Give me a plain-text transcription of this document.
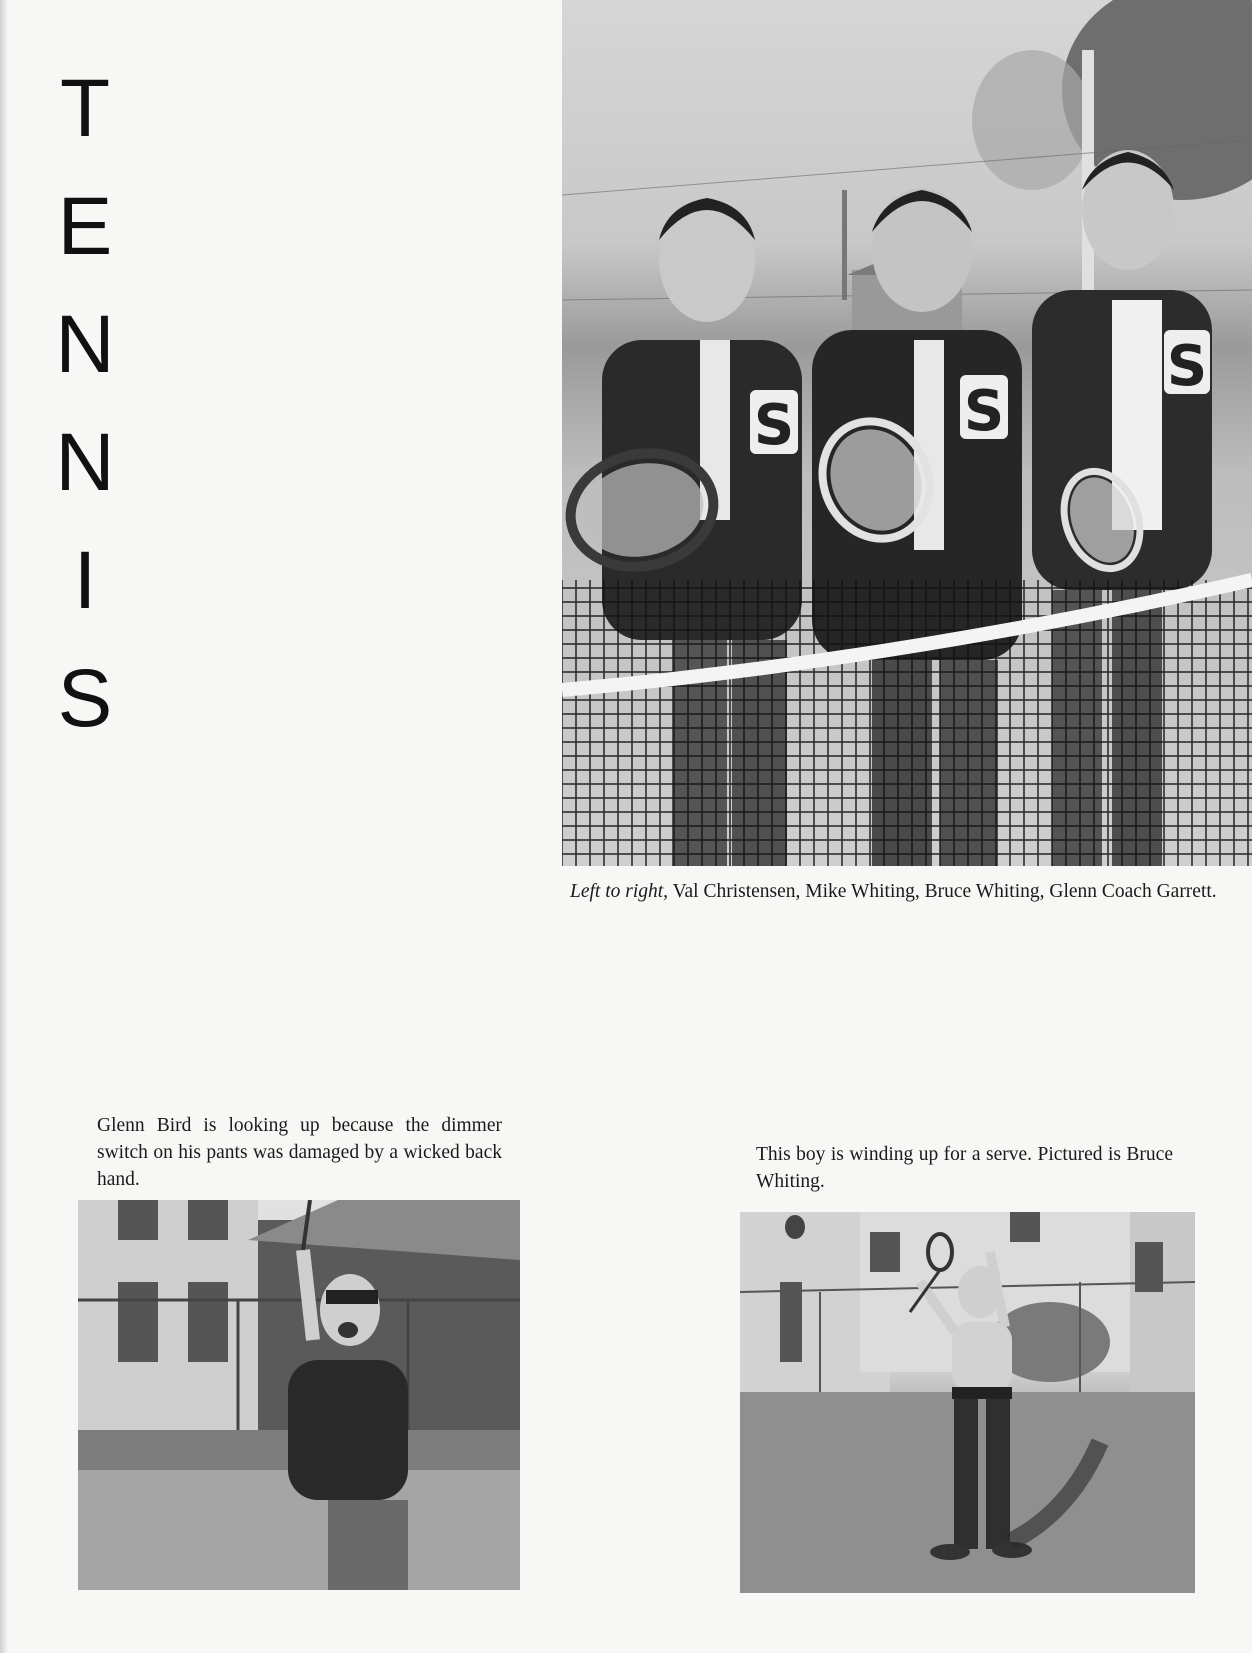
T
E
N
N
I
S
S	S
S
Left to right, Val Christensen, Mike Whiting, Bruce Whiting, Glenn Coach Garrett.
Glenn Bird is looking up because the dimmer switch on his pants was damaged by a wicked back hand.
This boy is winding up for a serve. Pictured is Bruce Whiting.
